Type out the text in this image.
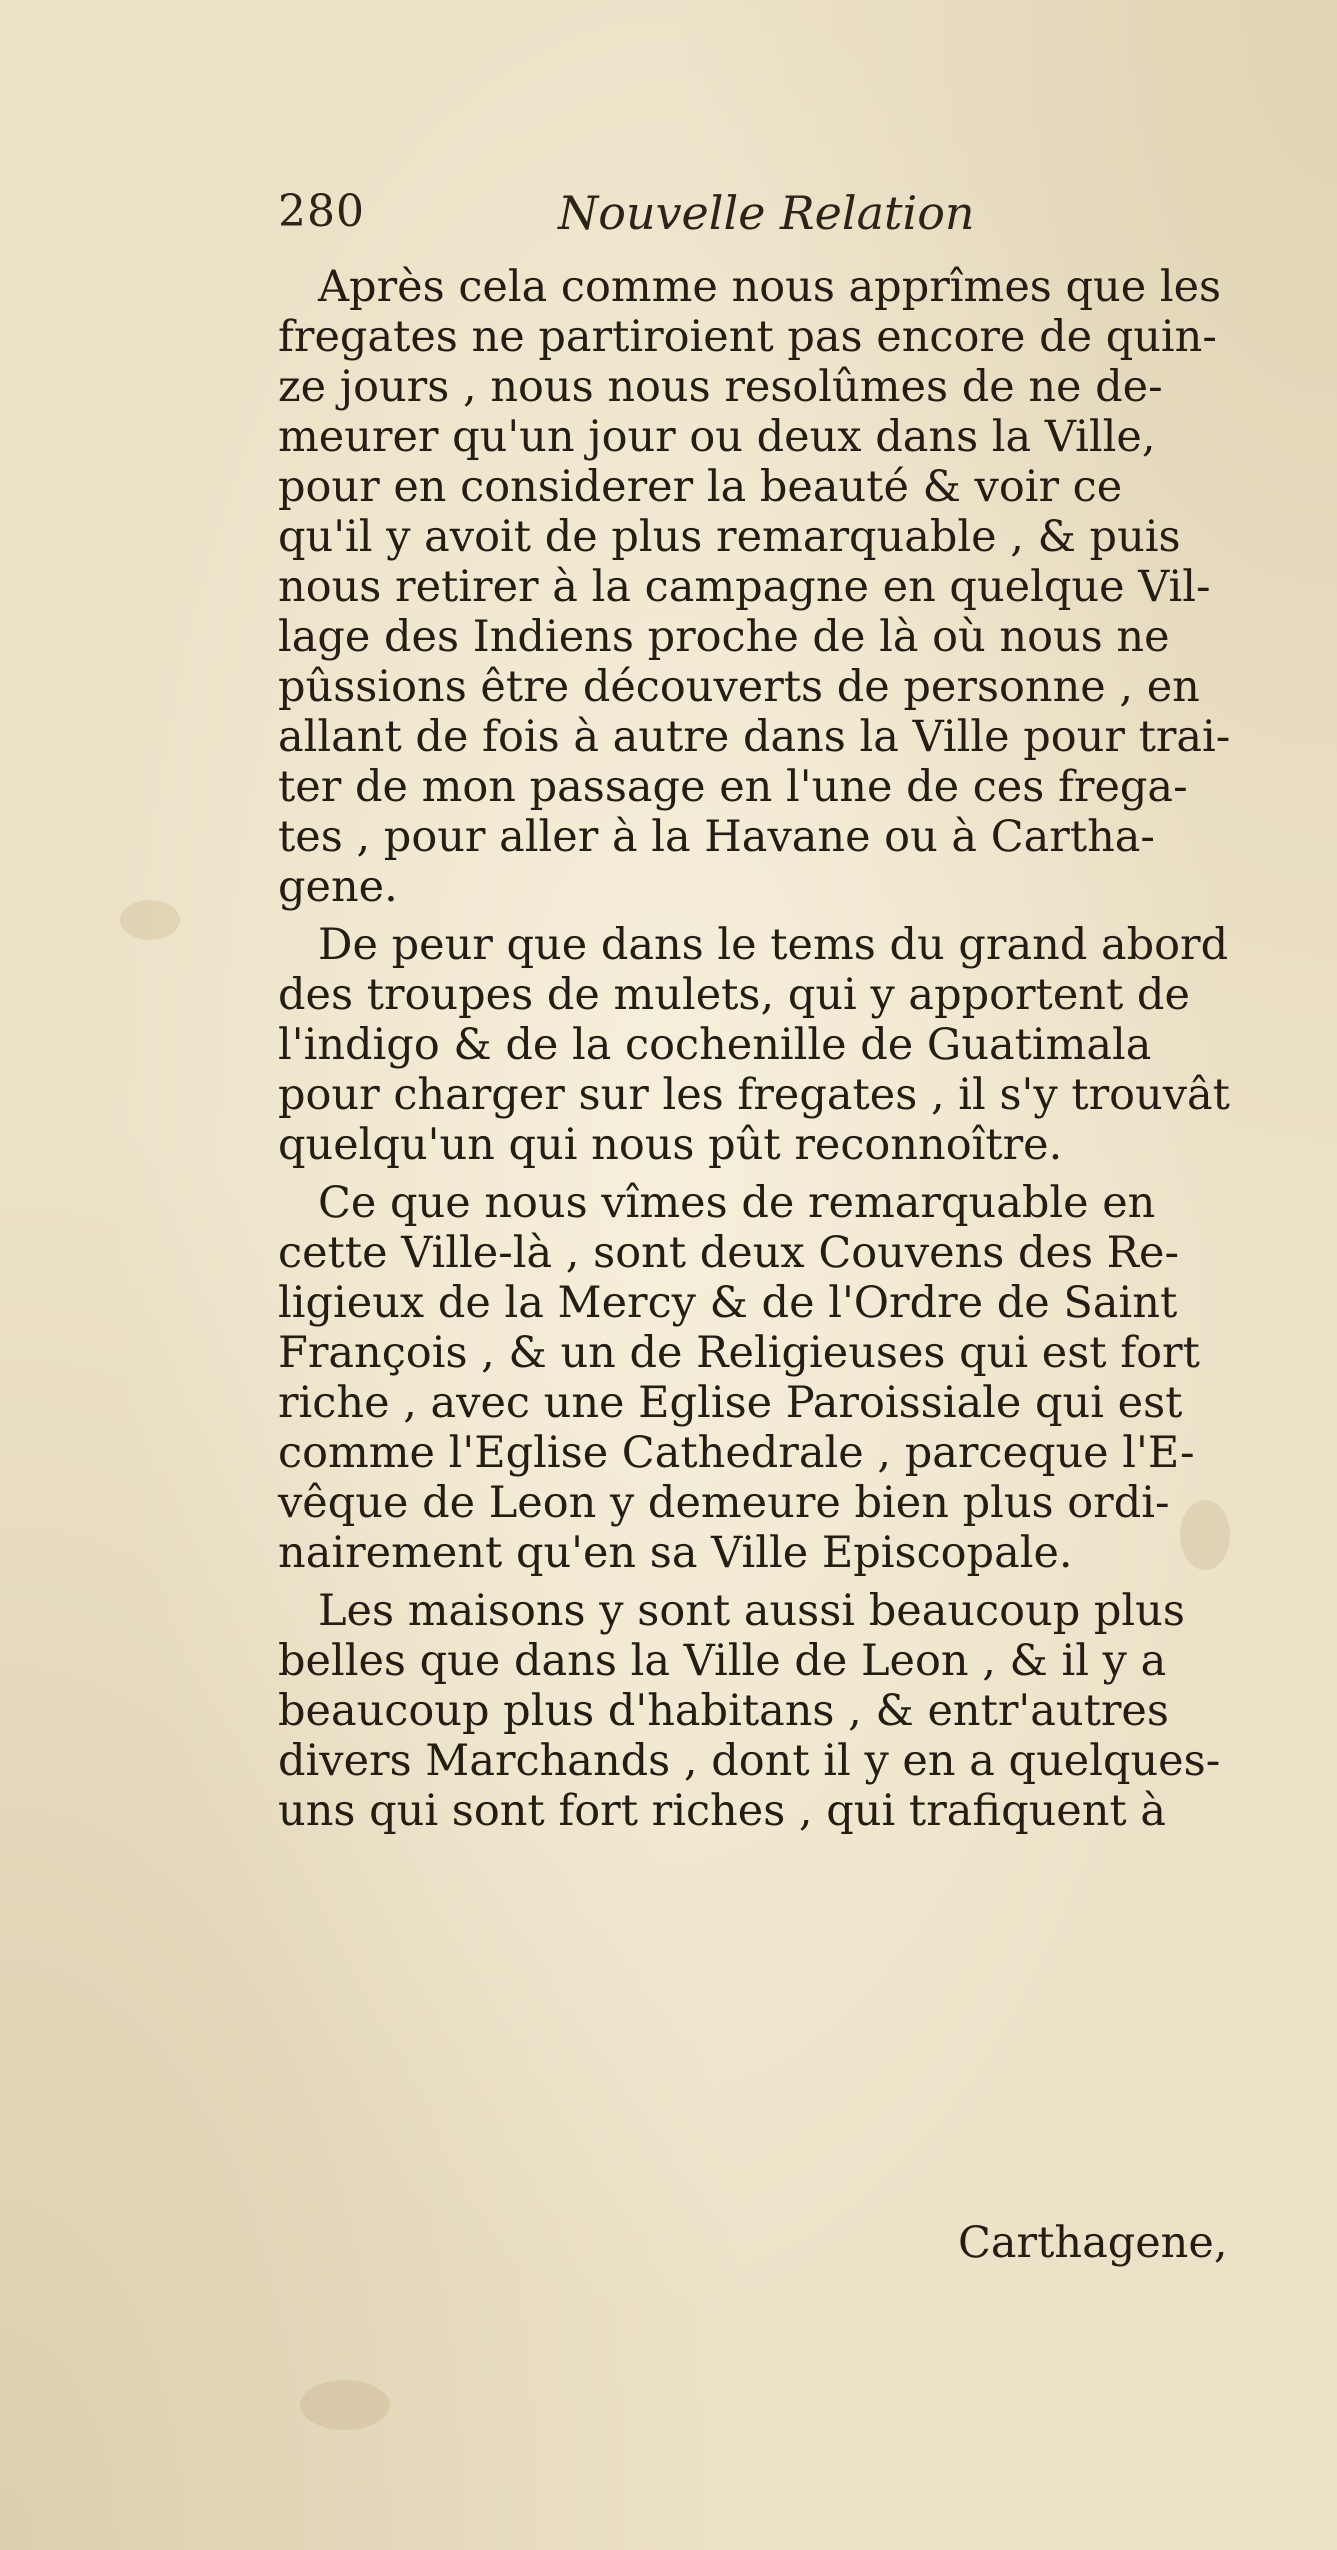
280	Nouvelle Relation
Après cela comme nous apprîmes que les
fregates ne partiroient pas encore de quin-
ze jours , nous nous resolûmes de ne de-
meurer qu'un jour ou deux dans la Ville,
pour en considerer la beauté & voir ce
qu'il y avoit de plus remarquable , & puis
nous retirer à la campagne en quelque Vil-
lage des Indiens proche de là où nous ne
pûssions être découverts de personne , en
allant de fois à autre dans la Ville pour trai-
ter de mon passage en l'une de ces frega-
tes , pour aller à la Havane ou à Cartha-
gene.
De peur que dans le tems du grand abord
des troupes de mulets, qui y apportent de
l'indigo & de la cochenille de Guatimala
pour charger sur les fregates , il s'y trouvât
quelqu'un qui nous pût reconnoître.
Ce que nous vîmes de remarquable en
cette Ville-là , sont deux Couvens des Re-
ligieux de la Mercy & de l'Ordre de Saint
François , & un de Religieuses qui est fort
riche , avec une Eglise Paroissiale qui est
comme l'Eglise Cathedrale , parceque l'E-
vêque de Leon y demeure bien plus ordi-
nairement qu'en sa Ville Episcopale.
Les maisons y sont aussi beaucoup plus
belles que dans la Ville de Leon , & il y a
beaucoup plus d'habitans , & entr'autres
divers Marchands , dont il y en a quelques-
uns qui sont fort riches , qui trafiquent à
Carthagene,
